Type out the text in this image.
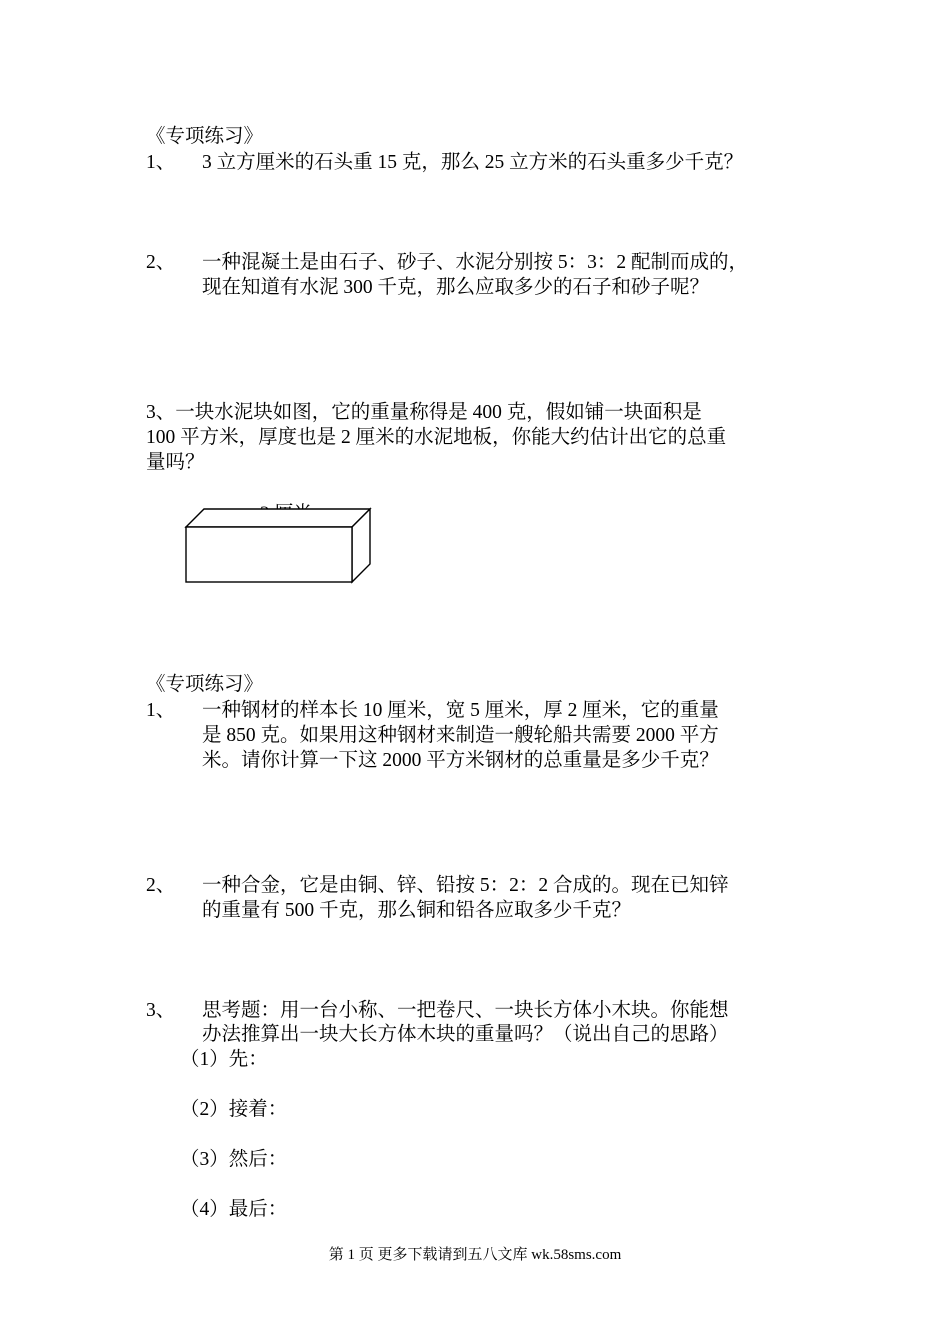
《专项练习》
1、 3 立方厘米的石头重 15 克，那么 25 立方米的石头重多少千克？
2、 一种混凝土是由石子、砂子、水泥分别按 5：3：2 配制而成的，
现在知道有水泥 300 千克，那么应取多少的石子和砂子呢？
3、一块水泥块如图，它的重量称得是 400 克，假如铺一块面积是
100 平方米，厚度也是 2 厘米的水泥地板，你能大约估计出它的总重
量吗？
《专项练习》
1、 一种钢材的样本长 10 厘米，宽 5 厘米，厚 2 厘米，它的重量
是 850 克。如果用这种钢材来制造一艘轮船共需要 2000 平方
米。请你计算一下这 2000 平方米钢材的总重量是多少千克？
2、 一种合金，它是由铜、锌、铅按 5：2：2 合成的。现在已知锌
的重量有 500 千克，那么铜和铅各应取多少千克？
3、 思考题：用一台小称、一把卷尺、一块长方体小木块。你能想
办法推算出一块大长方体木块的重量吗？（说出自己的思路）
（1）先：
（2）接着：
（3）然后：
（4）最后：
第 1 页 更多下载请到五八文库 wk.58sms.com
